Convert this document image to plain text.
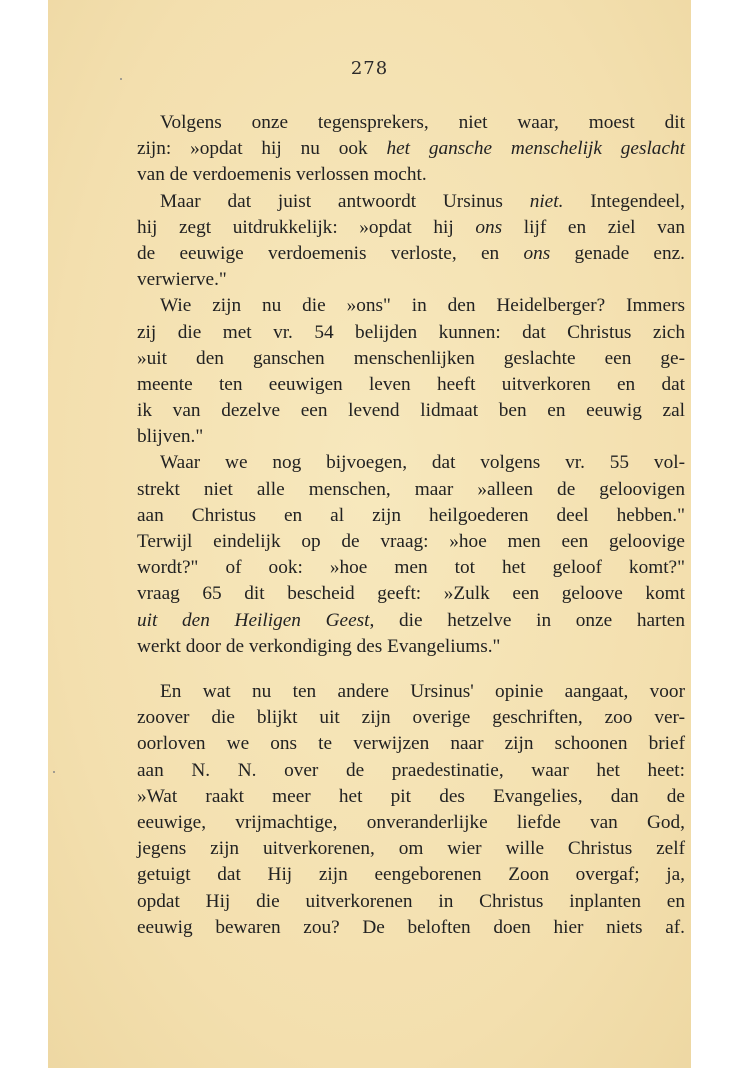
278
Volgens onze tegensprekers, niet waar, moest dit
zijn: »opdat hij nu ook het gansche menschelijk geslacht
van de verdoemenis verlossen mocht.
Maar dat juist antwoordt Ursinus niet. Integendeel,
hij zegt uitdrukkelijk: »opdat hij ons lijf en ziel van
de eeuwige verdoemenis verloste, en ons genade enz.
verwierve."
Wie zijn nu die »ons" in den Heidelberger? Immers
zij die met vr. 54 belijden kunnen: dat Christus zich
»uit den ganschen menschenlijken geslachte een ge-
meente ten eeuwigen leven heeft uitverkoren en dat
ik van dezelve een levend lidmaat ben en eeuwig zal
blijven."
Waar we nog bijvoegen, dat volgens vr. 55 vol-
strekt niet alle menschen, maar »alleen de geloovigen
aan Christus en al zijn heilgoederen deel hebben."
Terwijl eindelijk op de vraag: »hoe men een geloovige
wordt?" of ook: »hoe men tot het geloof komt?"
vraag 65 dit bescheid geeft: »Zulk een geloove komt
uit den Heiligen Geest, die hetzelve in onze harten
werkt door de verkondiging des Evangeliums."
En wat nu ten andere Ursinus' opinie aangaat, voor
zoover die blijkt uit zijn overige geschriften, zoo ver-
oorloven we ons te verwijzen naar zijn schoonen brief
aan N. N. over de praedestinatie, waar het heet:
»Wat raakt meer het pit des Evangelies, dan de
eeuwige, vrijmachtige, onveranderlijke liefde van God,
jegens zijn uitverkorenen, om wier wille Christus zelf
getuigt dat Hij zijn eengeborenen Zoon overgaf; ja,
opdat Hij die uitverkorenen in Christus inplanten en
eeuwig bewaren zou? De beloften doen hier niets af.
